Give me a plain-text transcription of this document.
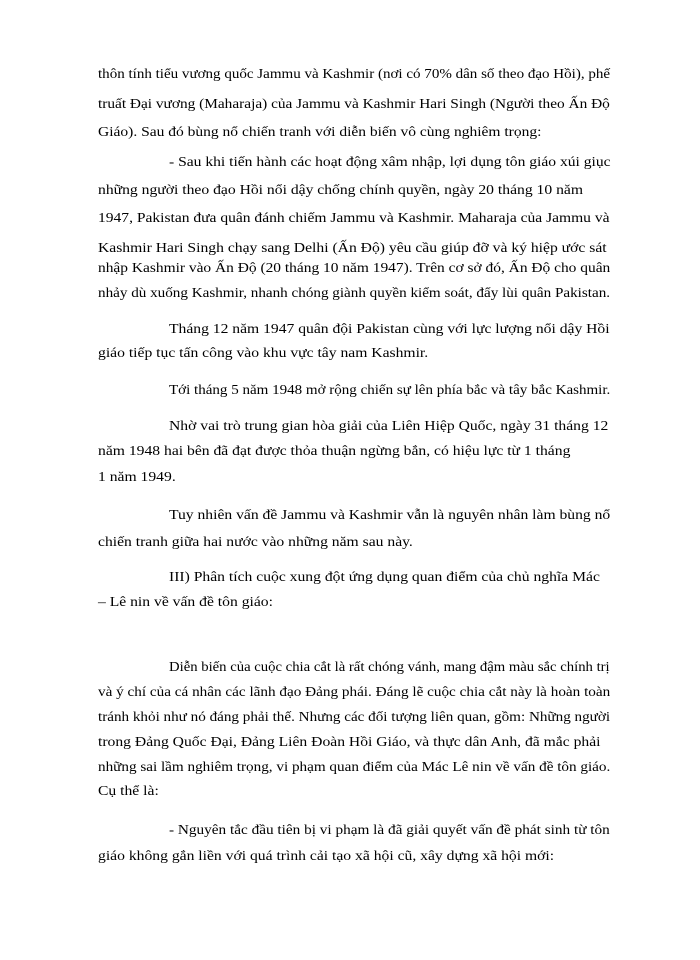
thôn tính tiểu vương quốc Jammu và Kashmir (nơi có 70% dân số theo đạo Hồi), phế
truất Đại vương (Maharaja) của Jammu và Kashmir Hari Singh (Người theo Ấn Độ
Giáo). Sau đó bùng nổ chiến tranh với diễn biến vô cùng nghiêm trọng:
- Sau khi tiến hành các hoạt động xâm nhập, lợi dụng tôn giáo xúi giục
những người theo đạo Hồi nổi dậy chống chính quyền, ngày 20 tháng 10 năm
1947, Pakistan đưa quân đánh chiếm Jammu và Kashmir. Maharaja của Jammu và
Kashmir Hari Singh chạy sang Delhi (Ấn Độ) yêu cầu giúp đỡ và ký hiệp ước sát
nhập Kashmir vào Ấn Độ (20 tháng 10 năm 1947). Trên cơ sở đó, Ấn Độ cho quân
nhảy dù xuống Kashmir, nhanh chóng giành quyền kiểm soát, đẩy lùi quân Pakistan.
Tháng 12 năm 1947 quân đội Pakistan cùng với lực lượng nổi dậy Hồi
giáo tiếp tục tấn công vào khu vực tây nam Kashmir.
Tới tháng 5 năm 1948 mở rộng chiến sự lên phía bắc và tây bắc Kashmir.
Nhờ vai trò trung gian hòa giải của Liên Hiệp Quốc, ngày 31 tháng 12
năm 1948 hai bên đã đạt được thỏa thuận ngừng bắn, có hiệu lực từ 1 tháng
1 năm 1949.
Tuy nhiên vấn đề Jammu và Kashmir vẫn là nguyên nhân làm bùng nổ
chiến tranh giữa hai nước vào những năm sau này.
III) Phân tích cuộc xung đột ứng dụng quan điểm của chủ nghĩa Mác
– Lê nin về vấn đề tôn giáo:
Diễn biến của cuộc chia cắt là rất chóng vánh, mang đậm màu sắc chính trị
và ý chí của cá nhân các lãnh đạo Đảng phái. Đáng lẽ cuộc chia cắt này là hoàn toàn
tránh khỏi như nó đáng phải thế. Nhưng các đối tượng liên quan, gồm: Những người
trong Đảng Quốc Đại, Đảng Liên Đoàn Hồi Giáo, và thực dân Anh, đã mắc phải
những sai lầm nghiêm trọng, vi phạm quan điểm của Mác Lê nin về vấn đề tôn giáo.
Cụ thể là:
- Nguyên tắc đầu tiên bị vi phạm là đã giải quyết vấn đề phát sinh từ tôn
giáo không gắn liền với quá trình cải tạo xã hội cũ, xây dựng xã hội mới:
